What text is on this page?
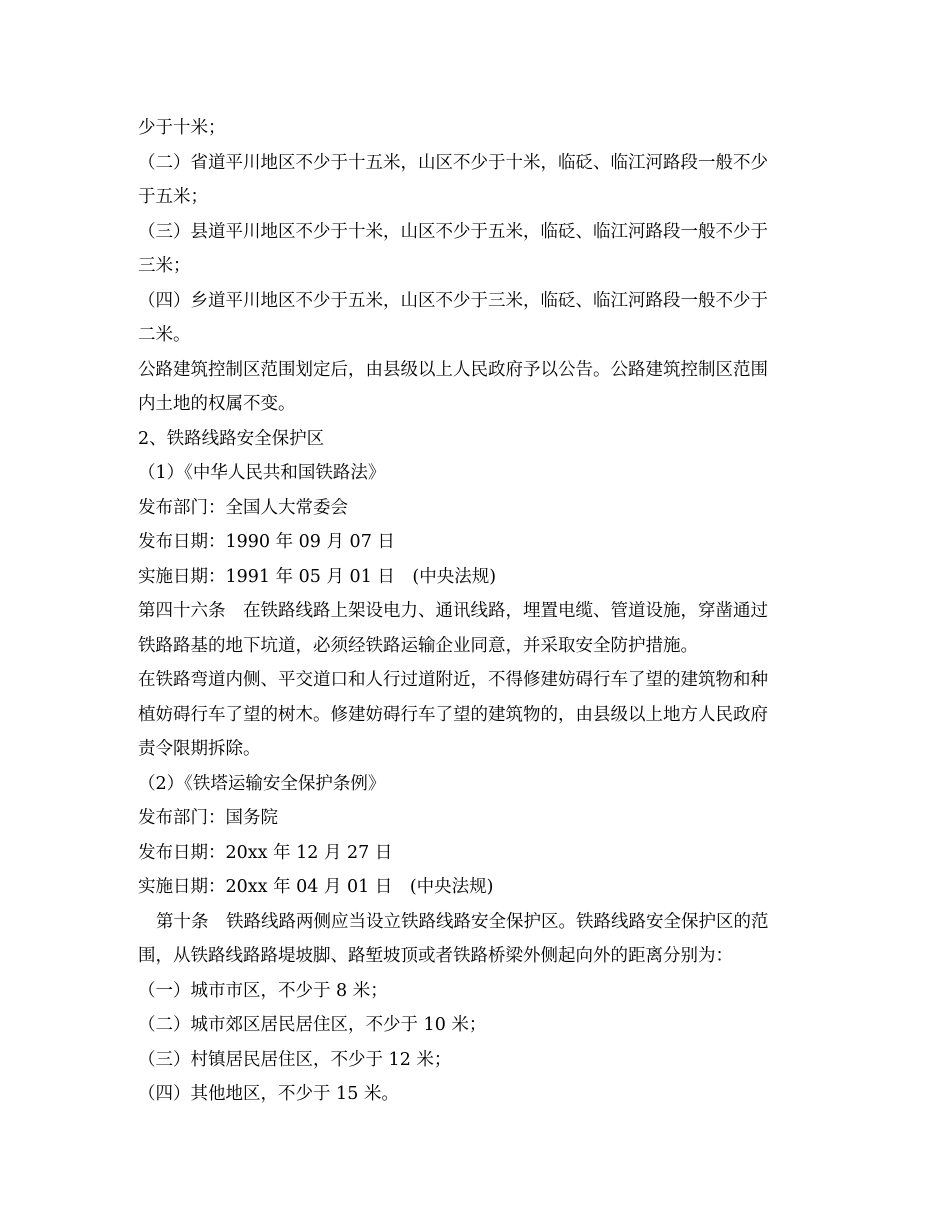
少于十米；
（二）省道平川地区不少于十五米，山区不少于十米，临砭、临江河路段一般不少
于五米；
（三）县道平川地区不少于十米，山区不少于五米，临砭、临江河路段一般不少于
三米；
（四）乡道平川地区不少于五米，山区不少于三米，临砭、临江河路段一般不少于
二米。
公路建筑控制区范围划定后，由县级以上人民政府予以公告。公路建筑控制区范围
内土地的权属不变。
2、铁路线路安全保护区
（1）《中华人民共和国铁路法》
发布部门：全国人大常委会
发布日期：1990 年 09 月 07 日
实施日期：1991 年 05 月 01 日　(中央法规)
第四十六条　在铁路线路上架设电力、通讯线路，埋置电缆、管道设施，穿凿通过
铁路路基的地下坑道，必须经铁路运输企业同意，并采取安全防护措施。
在铁路弯道内侧、平交道口和人行过道附近，不得修建妨碍行车了望的建筑物和种
植妨碍行车了望的树木。修建妨碍行车了望的建筑物的，由县级以上地方人民政府
责令限期拆除。
（2）《铁塔运输安全保护条例》
发布部门：国务院
发布日期：20xx 年 12 月 27 日
实施日期：20xx 年 04 月 01 日　(中央法规)
第十条　铁路线路两侧应当设立铁路线路安全保护区。铁路线路安全保护区的范
围，从铁路线路路堤坡脚、路堑坡顶或者铁路桥梁外侧起向外的距离分别为：
（一）城市市区，不少于 8 米；
（二）城市郊区居民居住区，不少于 10 米；
（三）村镇居民居住区，不少于 12 米；
（四）其他地区，不少于 15 米。
